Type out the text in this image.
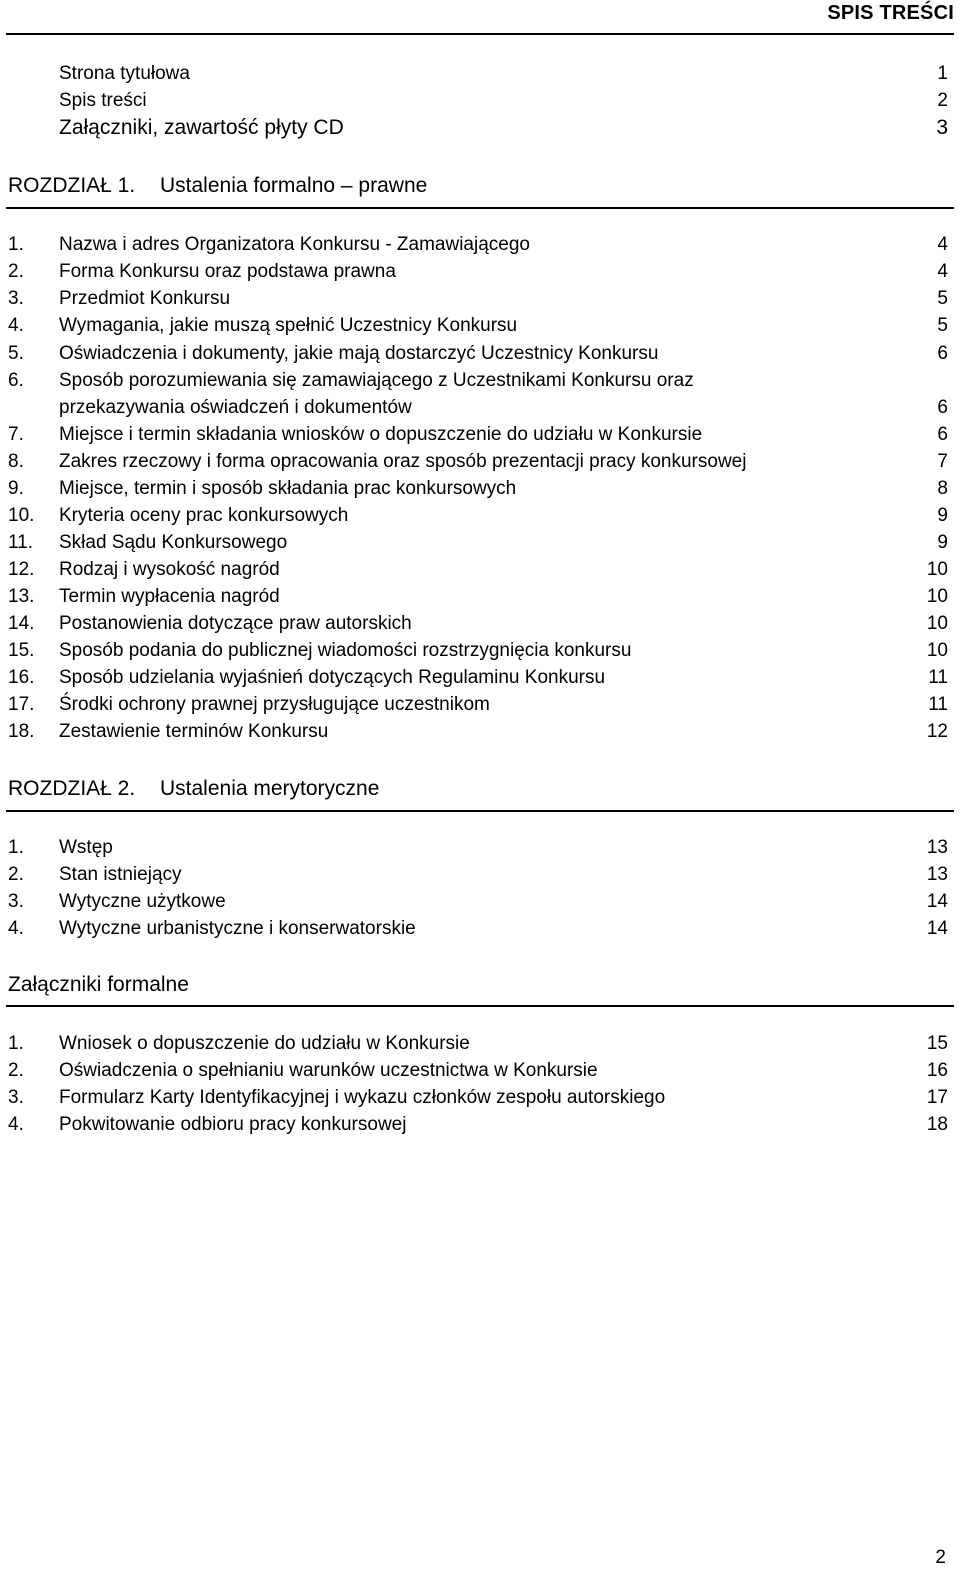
SPIS TREŚCI
Strona tytułowa	1
Spis treści	2
Załączniki, zawartość płyty CD	3
ROZDZIAŁ 1. Ustalenia formalno – prawne
1. Nazwa i adres Organizatora Konkursu - Zamawiającego	4
2. Forma Konkursu oraz podstawa prawna	4
3. Przedmiot Konkursu	5
4. Wymagania, jakie muszą spełnić Uczestnicy Konkursu	5
5. Oświadczenia i dokumenty, jakie mają dostarczyć Uczestnicy Konkursu	6
6. Sposób porozumiewania się zamawiającego z Uczestnikami Konkursu oraz
przekazywania oświadczeń i dokumentów	6
7. Miejsce i termin składania wniosków o dopuszczenie do udziału w Konkursie	6
8. Zakres rzeczowy i forma opracowania oraz sposób prezentacji pracy konkursowej	7
9. Miejsce, termin i sposób składania prac konkursowych	8
10. Kryteria oceny prac konkursowych	9
11. Skład Sądu Konkursowego	9
12. Rodzaj i wysokość nagród	10
13. Termin wypłacenia nagród	10
14. Postanowienia dotyczące praw autorskich	10
15. Sposób podania do publicznej wiadomości rozstrzygnięcia konkursu	10
16. Sposób udzielania wyjaśnień dotyczących Regulaminu Konkursu	11
17. Środki ochrony prawnej przysługujące uczestnikom	11
18. Zestawienie terminów Konkursu	12
ROZDZIAŁ 2. Ustalenia merytoryczne
1. Wstęp	13
2. Stan istniejący	13
3. Wytyczne użytkowe	14
4. Wytyczne urbanistyczne i konserwatorskie	14
Załączniki formalne
1. Wniosek o dopuszczenie do udziału w Konkursie	15
2. Oświadczenia o spełnianiu warunków uczestnictwa w Konkursie	16
3. Formularz Karty Identyfikacyjnej i wykazu członków zespołu autorskiego	17
4. Pokwitowanie odbioru pracy konkursowej	18
2
